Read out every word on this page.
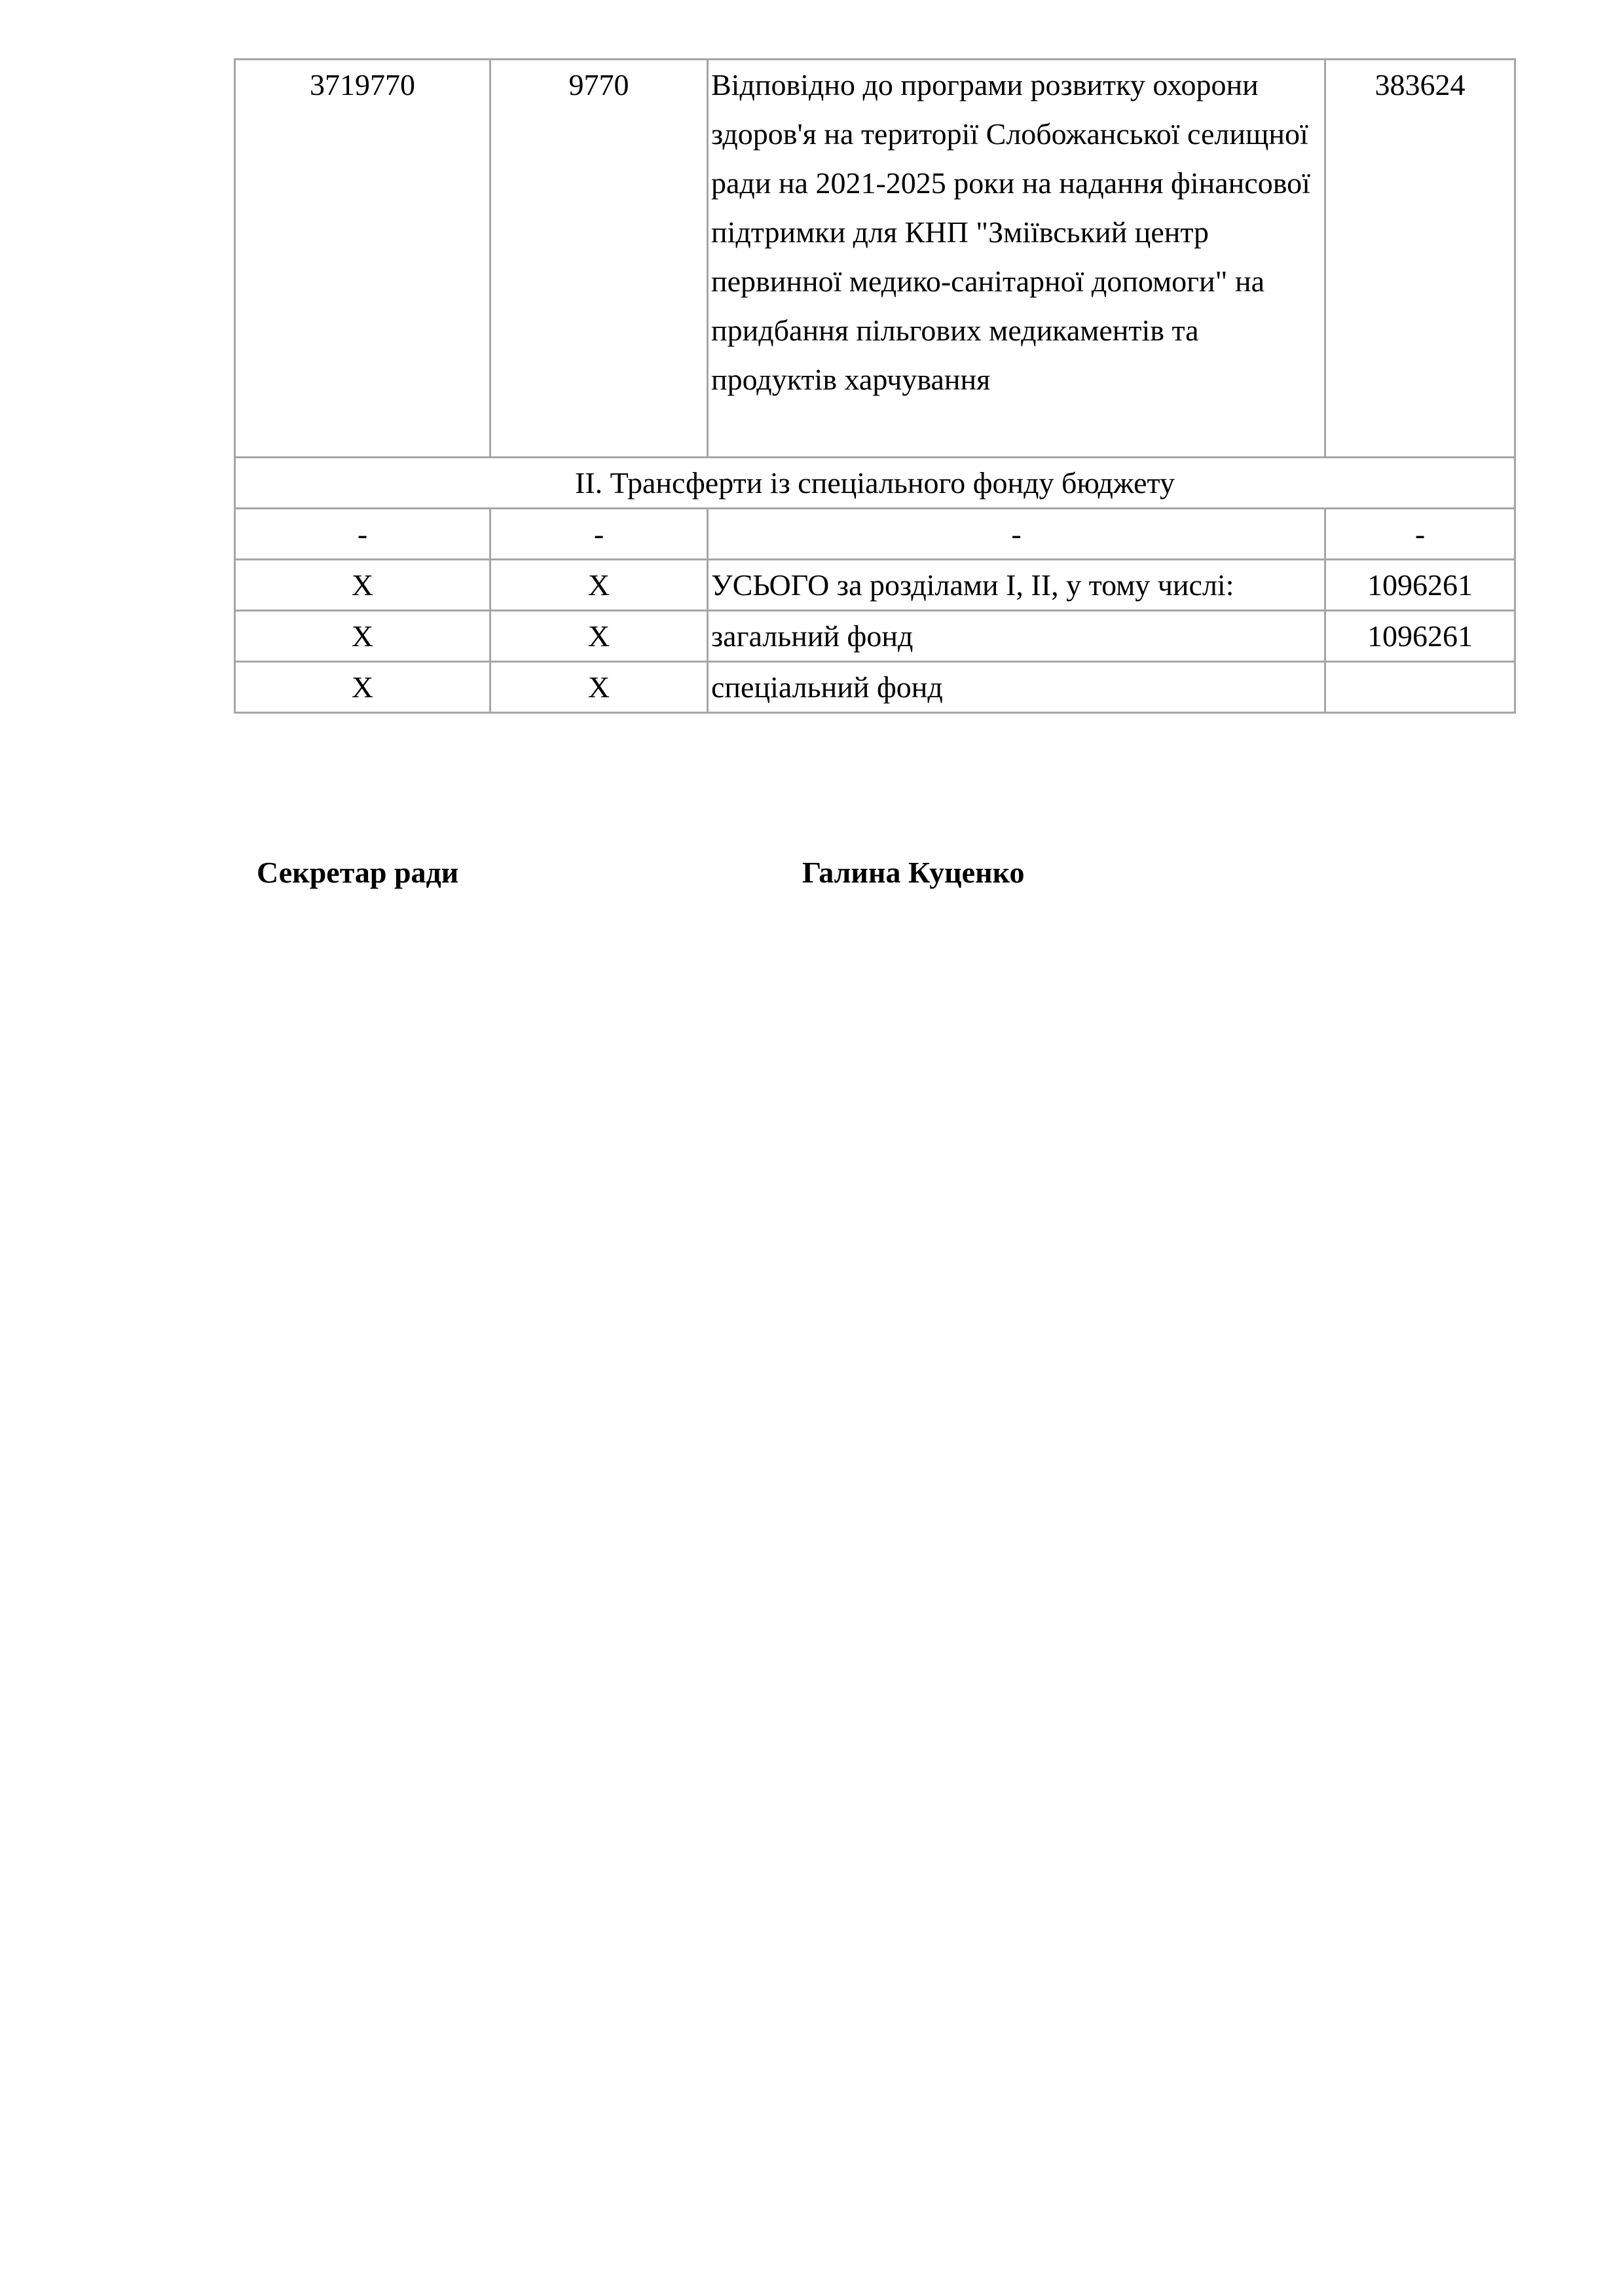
3719770	9770	Відповідно до програми розвитку охорони здоров'я на території Слобожанської селищної ради на 2021-2025 роки на надання фінансової підтримки для КНП "Зміївський центр первинної медико-санітарної допомоги" на придбання пільгових медикаментів та продуктів харчування	383624
ІІ. Трансферти із спеціального фонду бюджету			
-	-	-	-
Х	Х	УСЬОГО за розділами І, ІІ, у тому числі:	1096261
Х	Х	загальний фонд	1096261
Х	Х	спеціальний фонд	
Секретар ради	Галина Куценко
